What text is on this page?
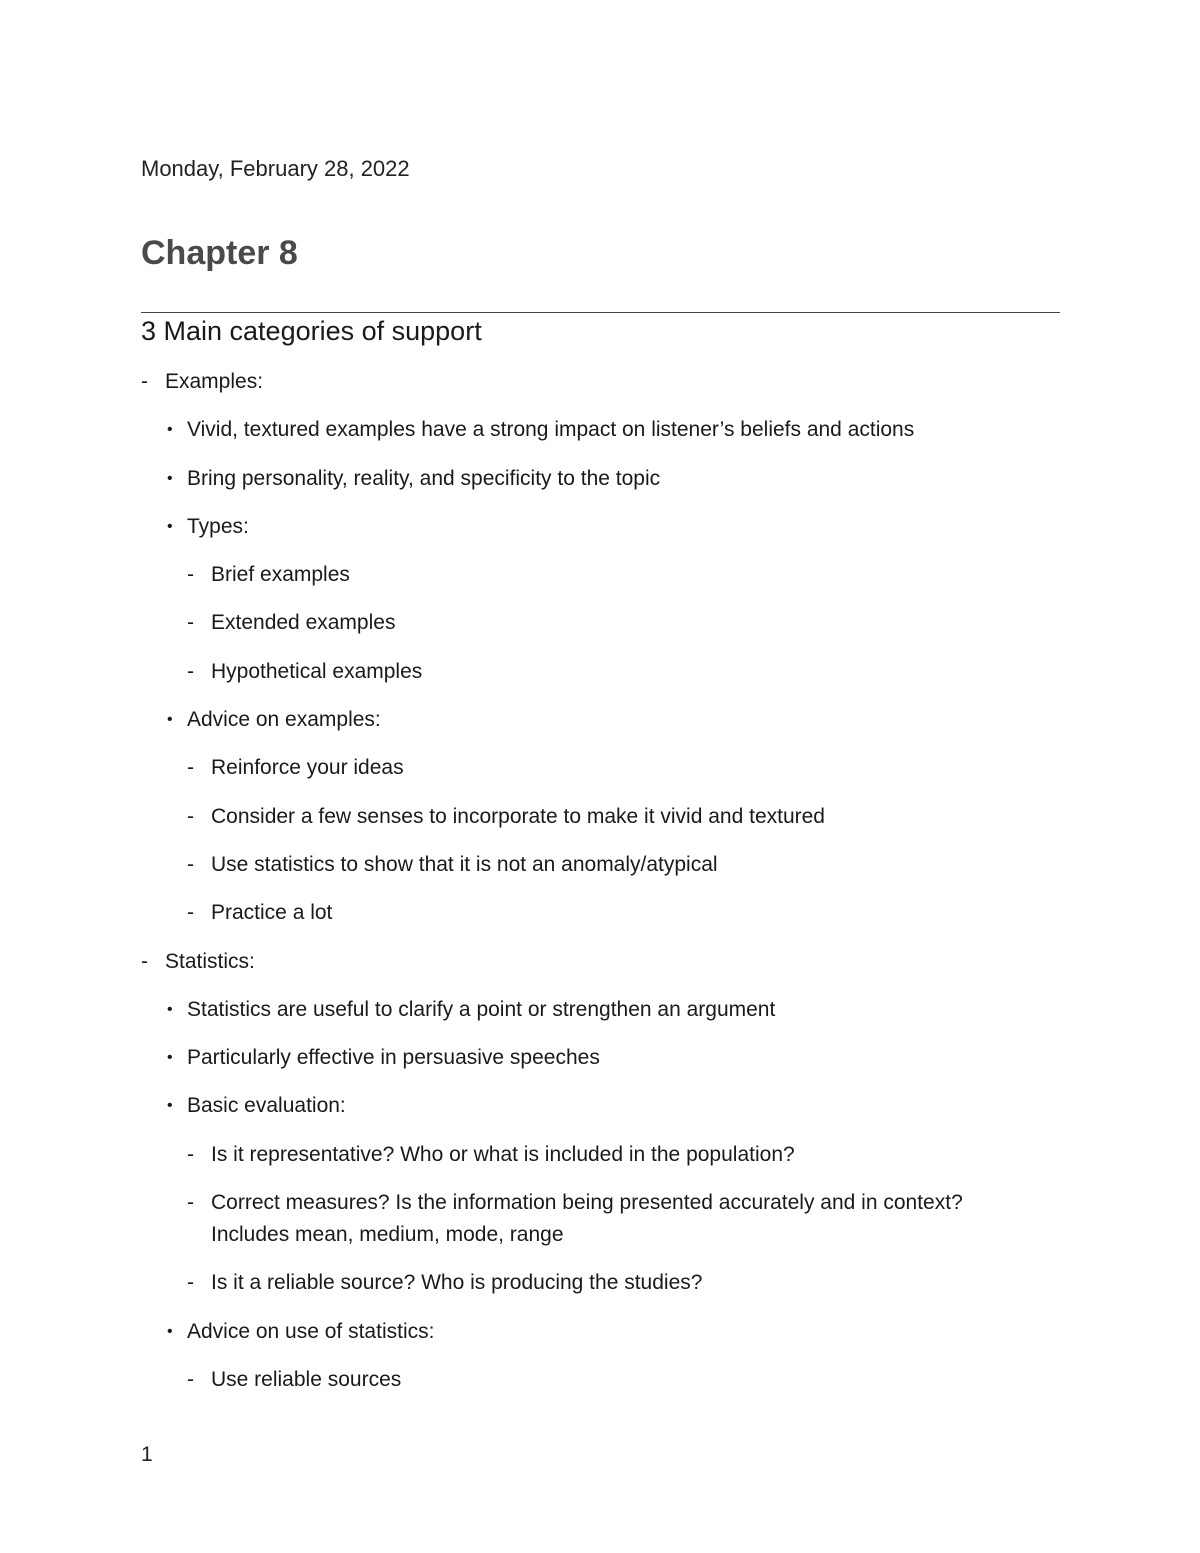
Monday, February 28, 2022
Chapter 8
3 Main categories of support
- Examples:
• Vivid, textured examples have a strong impact on listener’s beliefs and actions
• Bring personality, reality, and specificity to the topic
• Types:
- Brief examples
- Extended examples
- Hypothetical examples
• Advice on examples:
- Reinforce your ideas
- Consider a few senses to incorporate to make it vivid and textured
- Use statistics to show that it is not an anomaly/atypical
- Practice a lot
- Statistics:
• Statistics are useful to clarify a point or strengthen an argument
• Particularly effective in persuasive speeches
• Basic evaluation:
- Is it representative? Who or what is included in the population?
- Correct measures? Is the information being presented accurately and in context? Includes mean, medium, mode, range
- Is it a reliable source? Who is producing the studies?
• Advice on use of statistics:
- Use reliable sources
1
